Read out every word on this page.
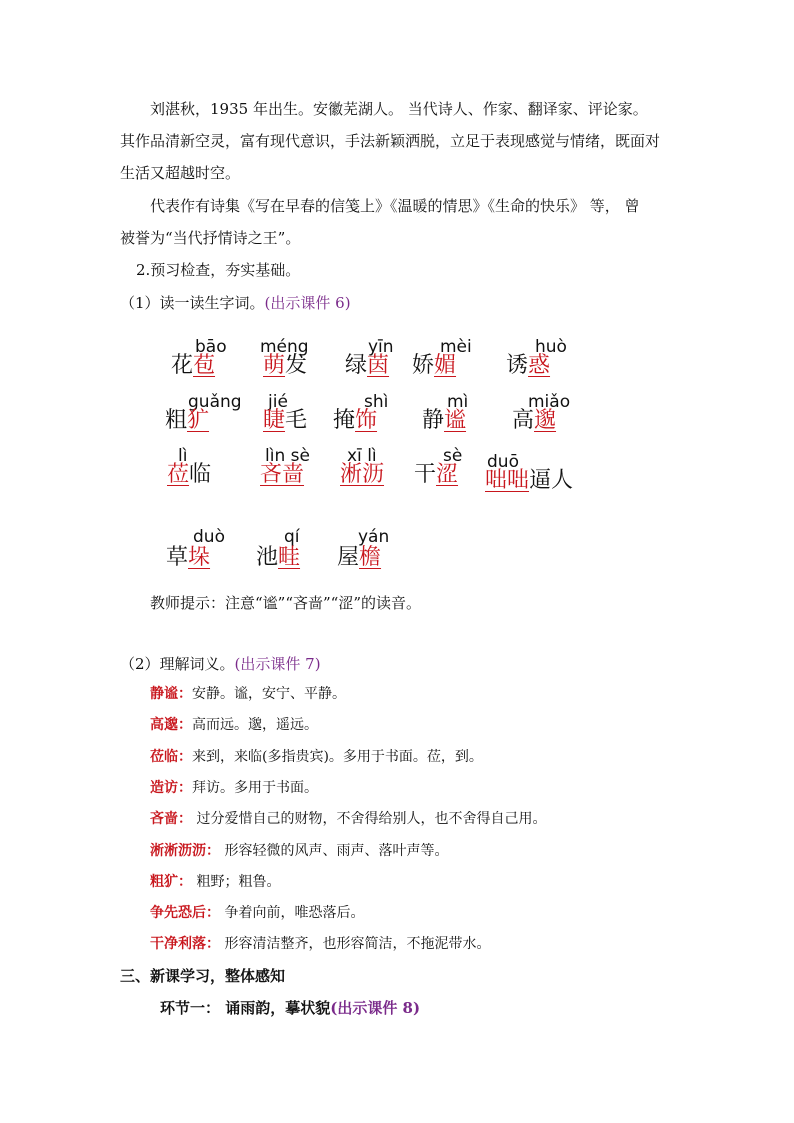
刘湛秋，1935 年出生。安徽芜湖人。 当代诗人、作家、翻译家、评论家。
其作品清新空灵，富有现代意识，手法新颖洒脱，立足于表现感觉与情绪，既面对
生活又超越时空。
代表作有诗集《写在早春的信笺上》《温暖的情思》《生命的快乐》 等， 曾
被誉为“当代抒情诗之王”。
2.预习检查，夯实基础。
（1）读一读生字词。(出示课件 6)
bāo
花苞
méng
萌发
yīn
绿茵
mèi
娇媚
huò
诱惑
guǎng
粗犷
jié
睫毛
shì
掩饰
mì
静谧
miǎo
高邈
lì
莅临
lìn sè
吝啬
xī lì
淅沥
sè
干涩 duō
咄咄逼人
duò
草垛
qí
池畦
yán
屋檐
教师提示：注意“谧”“吝啬”“涩”的读音。
（2）理解词义。(出示课件 7)
静谧：安静。谧，安宁、平静。
高邈：高而远。邈，遥远。
莅临：来到，来临(多指贵宾)。多用于书面。莅，到。
造访：拜访。多用于书面。
吝啬： 过分爱惜自己的财物，不舍得给别人，也不舍得自己用。
淅淅沥沥： 形容轻微的风声、雨声、落叶声等。
粗犷： 粗野；粗鲁。
争先恐后： 争着向前，唯恐落后。
干净利落： 形容清洁整齐，也形容简洁，不拖泥带水。
三、新课学习，整体感知
环节一： 诵雨韵，摹状貌(出示课件 8)
